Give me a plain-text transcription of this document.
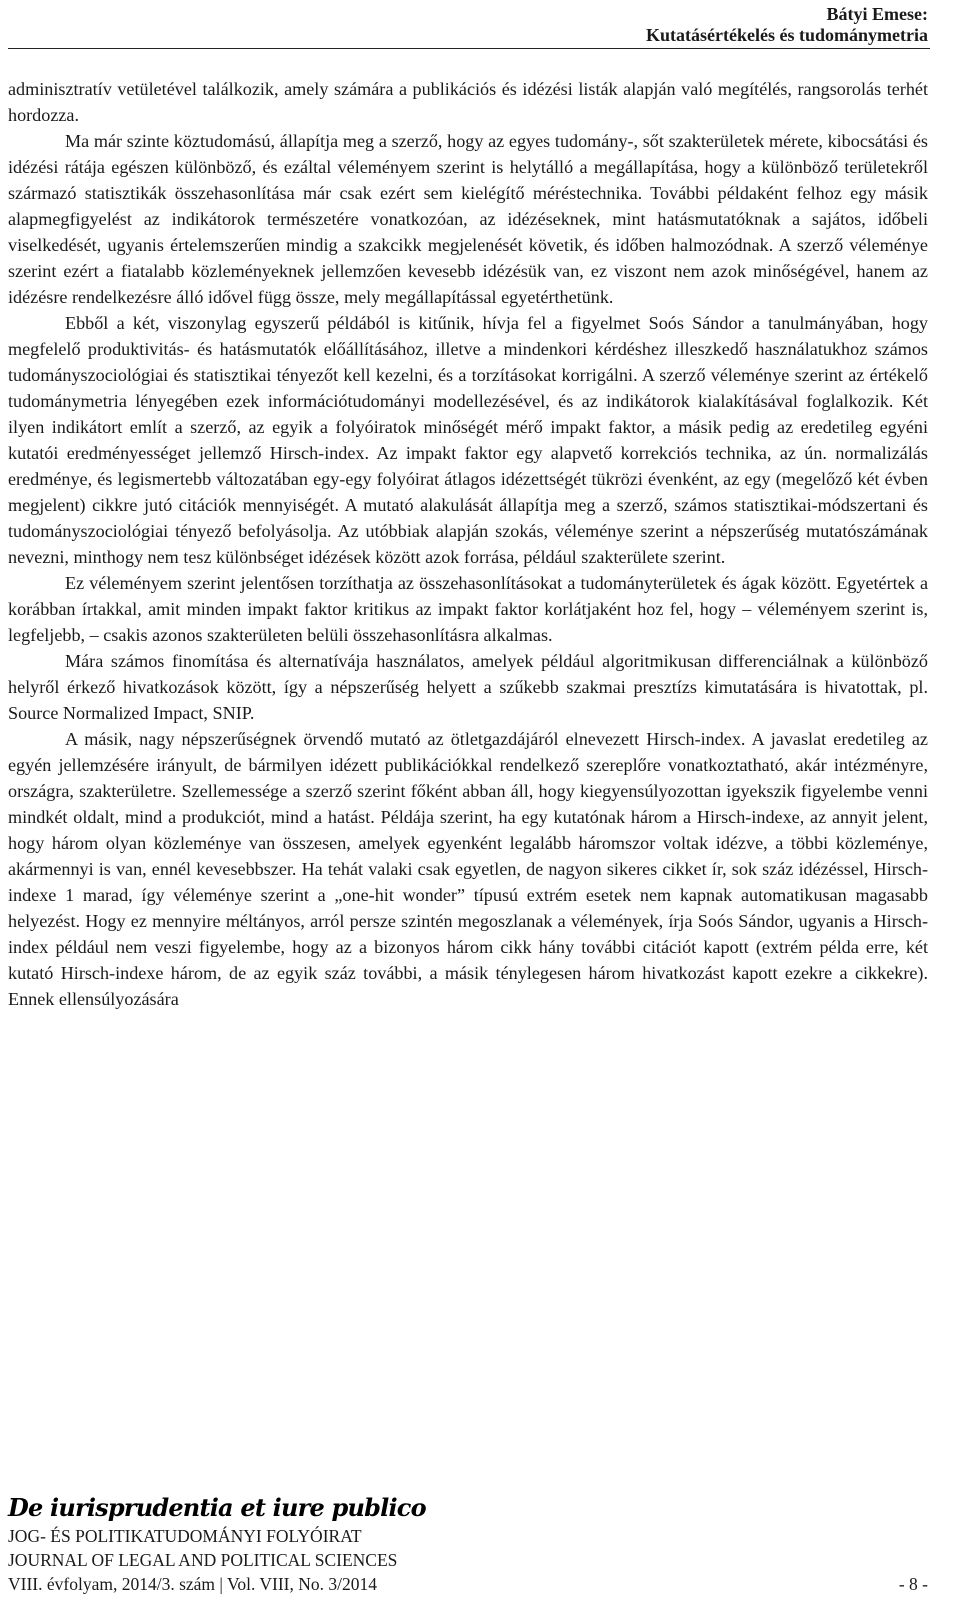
Bátyi Emese:
Kutatásértékelés és tudománymetria

adminisztratív vetületével találkozik, amely számára a publikációs és idézési listák alapján való megítélés, rangsorolás terhét hordozza.

Ma már szinte köztudomású, állapítja meg a szerző, hogy az egyes tudomány-, sőt szakterületek mérete, kibocsátási és idézési rátája egészen különböző, és ezáltal véleményem szerint is helytálló a megállapítása, hogy a különböző területekről származó statisztikák összehasonlítása már csak ezért sem kielégítő méréstechnika. További példaként felhoz egy másik alapmegfigyelést az indikátorok természetére vonatkozóan, az idézéseknek, mint hatásmutatóknak a sajátos, időbeli viselkedését, ugyanis értelemszerűen mindig a szakcikk megjelenését követik, és időben halmozódnak. A szerző véleménye szerint ezért a fiatalabb közleményeknek jellemzően kevesebb idézésük van, ez viszont nem azok minőségével, hanem az idézésre rendelkezésre álló idővel függ össze, mely megállapítással egyetérthetünk.

Ebből a két, viszonylag egyszerű példából is kitűnik, hívja fel a figyelmet Soós Sándor a tanulmányában, hogy megfelelő produktivitás- és hatásmutatók előállításához, illetve a mindenkori kérdéshez illeszkedő használatukhoz számos tudományszociológiai és statisztikai tényezőt kell kezelni, és a torzításokat korrigálni. A szerző véleménye szerint az értékelő tudománymetria lényegében ezek információtudományi modellezésével, és az indikátorok kialakításával foglalkozik. Két ilyen indikátort említ a szerző, az egyik a folyóiratok minőségét mérő impakt faktor, a másik pedig az eredetileg egyéni kutatói eredményességet jellemző Hirsch-index. Az impakt faktor egy alapvető korrekciós technika, az ún. normalizálás eredménye, és legismertebb változatában egy-egy folyóirat átlagos idézettségét tükrözi évenként, az egy (megelőző két évben megjelent) cikkre jutó citációk mennyiségét. A mutató alakulását állapítja meg a szerző, számos statisztikai-módszertani és tudományszociológiai tényező befolyásolja. Az utóbbiak alapján szokás, véleménye szerint a népszerűség mutatószámának nevezni, minthogy nem tesz különbséget idézések között azok forrása, például szakterülete szerint.

Ez véleményem szerint jelentősen torzíthatja az összehasonlításokat a tudományterületek és ágak között. Egyetértek a korábban írtakkal, amit minden impakt faktor kritikus az impakt faktor korlátjaként hoz fel, hogy – véleményem szerint is, legfeljebb, – csakis azonos szakterületen belüli összehasonlításra alkalmas.

Mára számos finomítása és alternatívája használatos, amelyek például algoritmikusan differenciálnak a különböző helyről érkező hivatkozások között, így a népszerűség helyett a szűkebb szakmai presztízs kimutatására is hivatottak, pl. Source Normalized Impact, SNIP.

A másik, nagy népszerűségnek örvendő mutató az ötletgazdájáról elnevezett Hirsch-index. A javaslat eredetileg az egyén jellemzésére irányult, de bármilyen idézett publikációkkal rendelkező szereplőre vonatkoztatható, akár intézményre, országra, szakterületre. Szellemessége a szerző szerint főként abban áll, hogy kiegyensúlyozottan igyekszik figyelembe venni mindkét oldalt, mind a produkciót, mind a hatást. Példája szerint, ha egy kutatónak három a Hirsch-indexe, az annyit jelent, hogy három olyan közleménye van összesen, amelyek egyenként legalább háromszor voltak idézve, a többi közleménye, akármennyi is van, ennél kevesebbszer. Ha tehát valaki csak egyetlen, de nagyon sikeres cikket ír, sok száz idézéssel, Hirsch-indexe 1 marad, így véleménye szerint a „one-hit wonder” típusú extrém esetek nem kapnak automatikusan magasabb helyezést. Hogy ez mennyire méltányos, arról persze szintén megoszlanak a vélemények, írja Soós Sándor, ugyanis a Hirsch-index például nem veszi figyelembe, hogy az a bizonyos három cikk hány további citációt kapott (extrém példa erre, két kutató Hirsch-indexe három, de az egyik száz további, a másik ténylegesen három hivatkozást kapott ezekre a cikkekre). Ennek ellensúlyozására

De iurisprudentia et iure publico
JOG- ÉS POLITIKATUDOMÁNYI FOLYÓIRAT
JOURNAL OF LEGAL AND POLITICAL SCIENCES
VIII. évfolyam, 2014/3. szám | Vol. VIII, No. 3/2014	- 8 -
